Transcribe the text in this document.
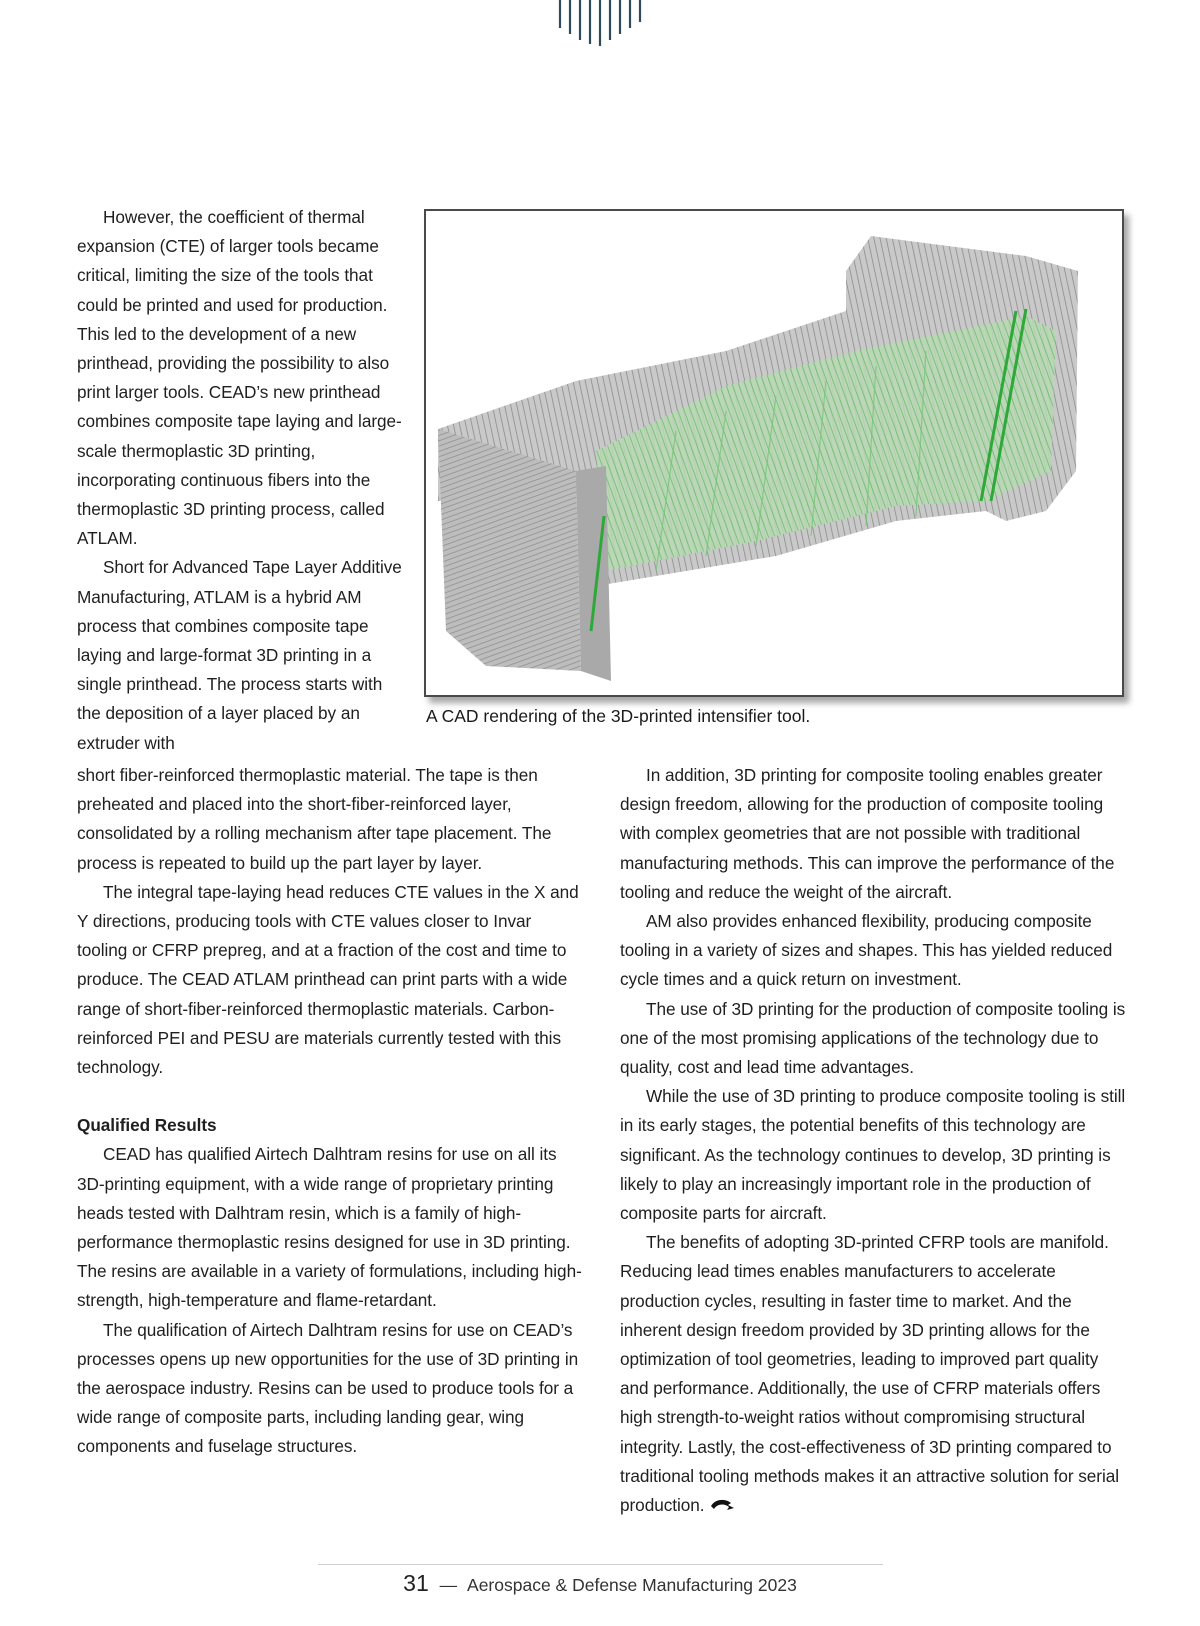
However, the coefficient of thermal expansion (CTE) of larger tools became critical, limiting the size of the tools that could be printed and used for production. This led to the development of a new printhead, providing the possibility to also print larger tools. CEAD’s new printhead combines composite tape laying and large-scale thermoplastic 3D printing, incorporating continuous fibers into the thermoplastic 3D printing process, called ATLAM.

Short for Advanced Tape Layer Additive Manufacturing, ATLAM is a hybrid AM process that combines composite tape laying and large-format 3D printing in a single printhead. The process starts with the deposition of a layer placed by an extruder with

A CAD rendering of the 3D-printed intensifier tool.

short fiber-reinforced thermoplastic material. The tape is then preheated and placed into the short-fiber-reinforced layer, consolidated by a rolling mechanism after tape placement. The process is repeated to build up the part layer by layer.

The integral tape-laying head reduces CTE values in the X and Y directions, producing tools with CTE values closer to Invar tooling or CFRP prepreg, and at a fraction of the cost and time to produce. The CEAD ATLAM printhead can print parts with a wide range of short-fiber-reinforced thermoplastic materials. Carbon-reinforced PEI and PESU are materials currently tested with this technology.

Qualified Results

CEAD has qualified Airtech Dalhtram resins for use on all its 3D-printing equipment, with a wide range of proprietary printing heads tested with Dalhtram resin, which is a family of high-performance thermoplastic resins designed for use in 3D printing. The resins are available in a variety of formulations, including high-strength, high-temperature and flame-retardant.

The qualification of Airtech Dalhtram resins for use on CEAD’s processes opens up new opportunities for the use of 3D printing in the aerospace industry. Resins can be used to produce tools for a wide range of composite parts, including landing gear, wing components and fuselage structures.

In addition, 3D printing for composite tooling enables greater design freedom, allowing for the production of composite tooling with complex geometries that are not possible with traditional manufacturing methods. This can improve the performance of the tooling and reduce the weight of the aircraft.

AM also provides enhanced flexibility, producing composite tooling in a variety of sizes and shapes. This has yielded reduced cycle times and a quick return on investment.

The use of 3D printing for the production of composite tooling is one of the most promising applications of the technology due to quality, cost and lead time advantages.

While the use of 3D printing to produce composite tooling is still in its early stages, the potential benefits of this technology are significant. As the technology continues to develop, 3D printing is likely to play an increasingly important role in the production of composite parts for aircraft.

The benefits of adopting 3D-printed CFRP tools are manifold. Reducing lead times enables manufacturers to accelerate production cycles, resulting in faster time to market. And the inherent design freedom provided by 3D printing allows for the optimization of tool geometries, leading to improved part quality and performance. Additionally, the use of CFRP materials offers high strength-to-weight ratios without compromising structural integrity. Lastly, the cost-effectiveness of 3D printing compared to traditional tooling methods makes it an attractive solution for serial production.

31 — Aerospace & Defense Manufacturing 2023
